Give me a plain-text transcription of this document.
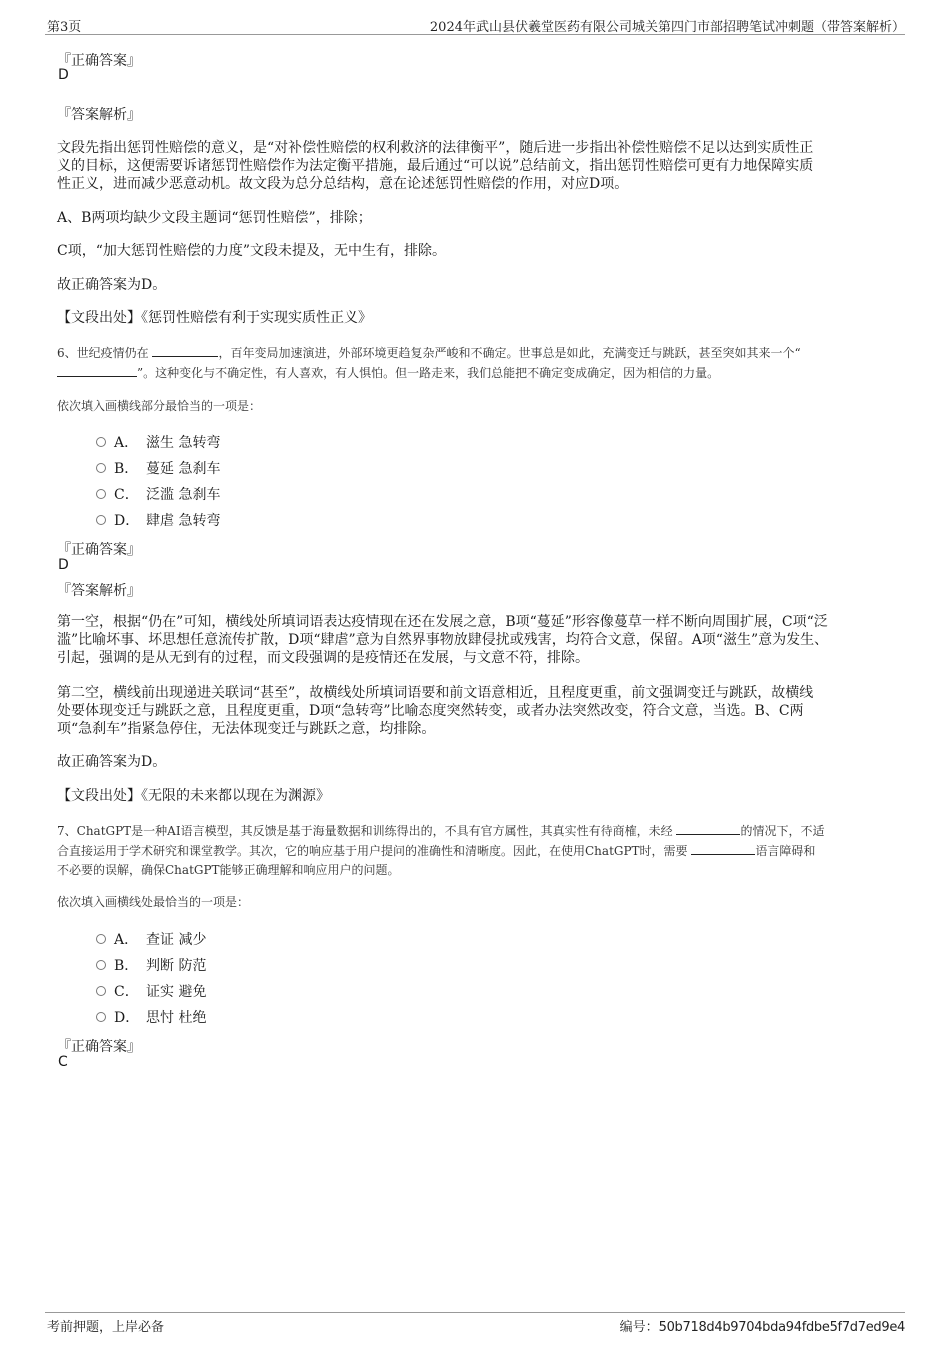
第3页	2024年武山县伏羲堂医药有限公司城关第四门市部招聘笔试冲刺题（带答案解析）
『正确答案』
D
『答案解析』
文段先指出惩罚性赔偿的意义，是“对补偿性赔偿的权利救济的法律衡平”，随后进一步指出补偿性赔偿不足以达到实质性正
义的目标，这便需要诉诸惩罚性赔偿作为法定衡平措施，最后通过“可以说”总结前文，指出惩罚性赔偿可更有力地保障实质
性正义，进而减少恶意动机。故文段为总分总结构，意在论述惩罚性赔偿的作用，对应D项。
A、B两项均缺少文段主题词“惩罚性赔偿”，排除；
C项，“加大惩罚性赔偿的力度”文段未提及，无中生有，排除。
故正确答案为D。
【文段出处】《惩罚性赔偿有利于实现实质性正义》
6、世纪疫情仍在	，百年变局加速演进，外部环境更趋复杂严峻和不确定。世事总是如此，充满变迁与跳跃，甚至突如其来一个“
”。这种变化与不确定性，有人喜欢，有人惧怕。但一路走来，我们总能把不确定变成确定，因为相信的力量。
依次填入画横线部分最恰当的一项是：
A． 滋生 急转弯
B． 蔓延 急刹车
C． 泛滥 急刹车
D． 肆虐 急转弯
『正确答案』
D
『答案解析』
第一空，根据“仍在”可知，横线处所填词语表达疫情现在还在发展之意，B项“蔓延”形容像蔓草一样不断向周围扩展，C项“泛
滥”比喻坏事、坏思想任意流传扩散，D项“肆虐”意为自然界事物放肆侵扰或残害，均符合文意，保留。A项“滋生”意为发生、
引起，强调的是从无到有的过程，而文段强调的是疫情还在发展，与文意不符，排除。
第二空，横线前出现递进关联词“甚至”，故横线处所填词语要和前文语意相近，且程度更重，前文强调变迁与跳跃，故横线
处要体现变迁与跳跃之意，且程度更重，D项“急转弯”比喻态度突然转变，或者办法突然改变，符合文意，当选。B、C两
项“急刹车”指紧急停住，无法体现变迁与跳跃之意，均排除。
故正确答案为D。
【文段出处】《无限的未来都以现在为渊源》
7、ChatGPT是一种AI语言模型，其反馈是基于海量数据和训练得出的，不具有官方属性，其真实性有待商榷，未经	的情况下，不适
合直接运用于学术研究和课堂教学。其次，它的响应基于用户提问的准确性和清晰度。因此，在使用ChatGPT时，需要	语言障碍和
不必要的误解，确保ChatGPT能够正确理解和响应用户的问题。
依次填入画横线处最恰当的一项是：
A． 查证 减少
B． 判断 防范
C． 证实 避免
D． 思忖 杜绝
『正确答案』
C
考前押题，上岸必备	编号：50b718d4b9704bda94fdbe5f7d7ed9e4
